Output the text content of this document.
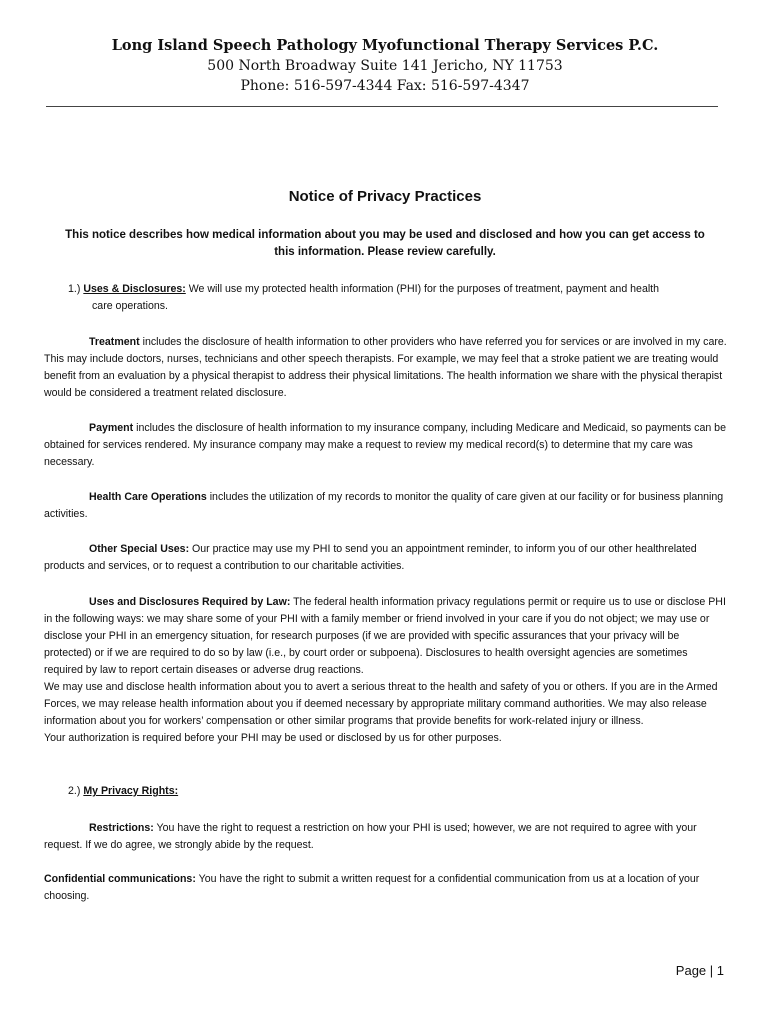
Long Island Speech Pathology Myofunctional Therapy Services P.C.
500 North Broadway Suite 141 Jericho, NY 11753
Phone: 516-597-4344 Fax: 516-597-4347
Notice of Privacy Practices
This notice describes how medical information about you may be used and disclosed and how you can get access to
this information. Please review carefully.
1.) Uses & Disclosures: We will use my protected health information (PHI) for the purposes of treatment, payment and health
care operations.
Treatment includes the disclosure of health information to other providers who have referred you for services or are involved in my care. This may include doctors, nurses, technicians and other speech therapists. For example, we may feel that a stroke patient we are treating would benefit from an evaluation by a physical therapist to address their physical limitations. The health information we share with the physical therapist would be considered a treatment related disclosure.
Payment includes the disclosure of health information to my insurance company, including Medicare and Medicaid, so payments can be obtained for services rendered. My insurance company may make a request to review my medical record(s) to determine that my care was necessary.
Health Care Operations includes the utilization of my records to monitor the quality of care given at our facility or for business planning activities.
Other Special Uses: Our practice may use my PHI to send you an appointment reminder, to inform you of our other healthrelated products and services, or to request a contribution to our charitable activities.

Uses and Disclosures Required by Law: The federal health information privacy regulations permit or require us to use or disclose PHI in the following ways: we may share some of your PHI with a family member or friend involved in your care if you do not object; we may use or disclose your PHI in an emergency situation, for research purposes (if we are provided with specific assurances that your privacy will be protected) or if we are required to do so by law (i.e., by court order or subpoena). Disclosures to health oversight agencies are sometimes required by law to report certain diseases or adverse drug reactions.

We may use and disclose health information about you to avert a serious threat to the health and safety of you or others. If you are in the Armed Forces, we may release health information about you if deemed necessary by appropriate military command authorities. We may also release information about you for workers’ compensation or other similar programs that provide benefits for work-related injury or illness.

Your authorization is required before your PHI may be used or disclosed by us for other purposes.

2.) My Privacy Rights:
Restrictions: You have the right to request a restriction on how your PHI is used; however, we are not required to agree with your request. If we do agree, we strongly abide by the request.
Confidential communications: You have the right to submit a written request for a confidential communication from us at a location of your choosing.
Page | 1
